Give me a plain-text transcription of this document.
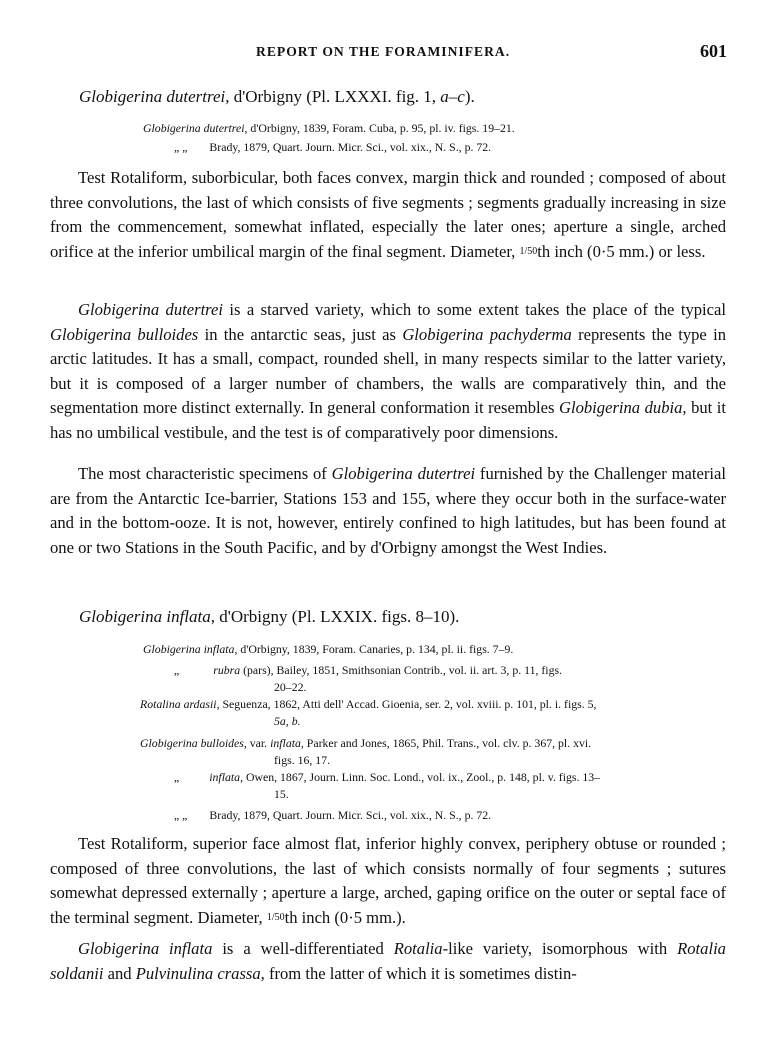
REPORT ON THE FORAMINIFERA.	601
Globigerina dutertrei, d'Orbigny (Pl. LXXXI. fig. 1, a–c).
Globigerina dutertrei, d'Orbigny, 1839, Foram. Cuba, p. 95, pl. iv. figs. 19–21.
„ „ Brady, 1879, Quart. Journ. Micr. Sci., vol. xix., N. S., p. 72.
Test Rotaliform, suborbicular, both faces convex, margin thick and rounded ; composed of about three convolutions, the last of which consists of five segments ; segments gradually increasing in size from the commencement, somewhat inflated, especially the later ones; aperture a single, arched orifice at the inferior umbilical margin of the final segment. Diameter, 1/50th inch (0·5 mm.) or less.
Globigerina dutertrei is a starved variety, which to some extent takes the place of the typical Globigerina bulloides in the antarctic seas, just as Globigerina pachyderma represents the type in arctic latitudes. It has a small, compact, rounded shell, in many respects similar to the latter variety, but it is composed of a larger number of chambers, the walls are comparatively thin, and the segmentation more distinct externally. In general conformation it resembles Globigerina dubia, but it has no umbilical vestibule, and the test is of comparatively poor dimensions.
The most characteristic specimens of Globigerina dutertrei furnished by the Challenger material are from the Antarctic Ice-barrier, Stations 153 and 155, where they occur both in the surface-water and in the bottom-ooze. It is not, however, entirely confined to high latitudes, but has been found at one or two Stations in the South Pacific, and by d'Orbigny amongst the West Indies.
Globigerina inflata, d'Orbigny (Pl. LXXIX. figs. 8–10).
Globigerina inflata, d'Orbigny, 1839, Foram. Canaries, p. 134, pl. ii. figs. 7–9.
„	rubra (pars), Bailey, 1851, Smithsonian Contrib., vol. ii. art. 3, p. 11, figs.
20–22.
Rotalina ardasii, Seguenza, 1862, Atti dell' Accad. Gioenia, ser. 2, vol. xviii. p. 101, pl. i. figs. 5,
5a, b.
Globigerina bulloides, var. inflata, Parker and Jones, 1865, Phil. Trans., vol. clv. p. 367, pl. xvi.
figs. 16, 17.
„	inflata, Owen, 1867, Journ. Linn. Soc. Lond., vol. ix., Zool., p. 148, pl. v. figs. 13–
15.
„ „ Brady, 1879, Quart. Journ. Micr. Sci., vol. xix., N. S., p. 72.
Test Rotaliform, superior face almost flat, inferior highly convex, periphery obtuse or rounded ; composed of three convolutions, the last of which consists normally of four segments ; sutures somewhat depressed externally ; aperture a large, arched, gaping orifice on the outer or septal face of the terminal segment. Diameter, 1/50th inch (0·5 mm.).
Globigerina inflata is a well-differentiated Rotalia-like variety, isomorphous with Rotalia soldanii and Pulvinulina crassa, from the latter of which it is sometimes distin-
